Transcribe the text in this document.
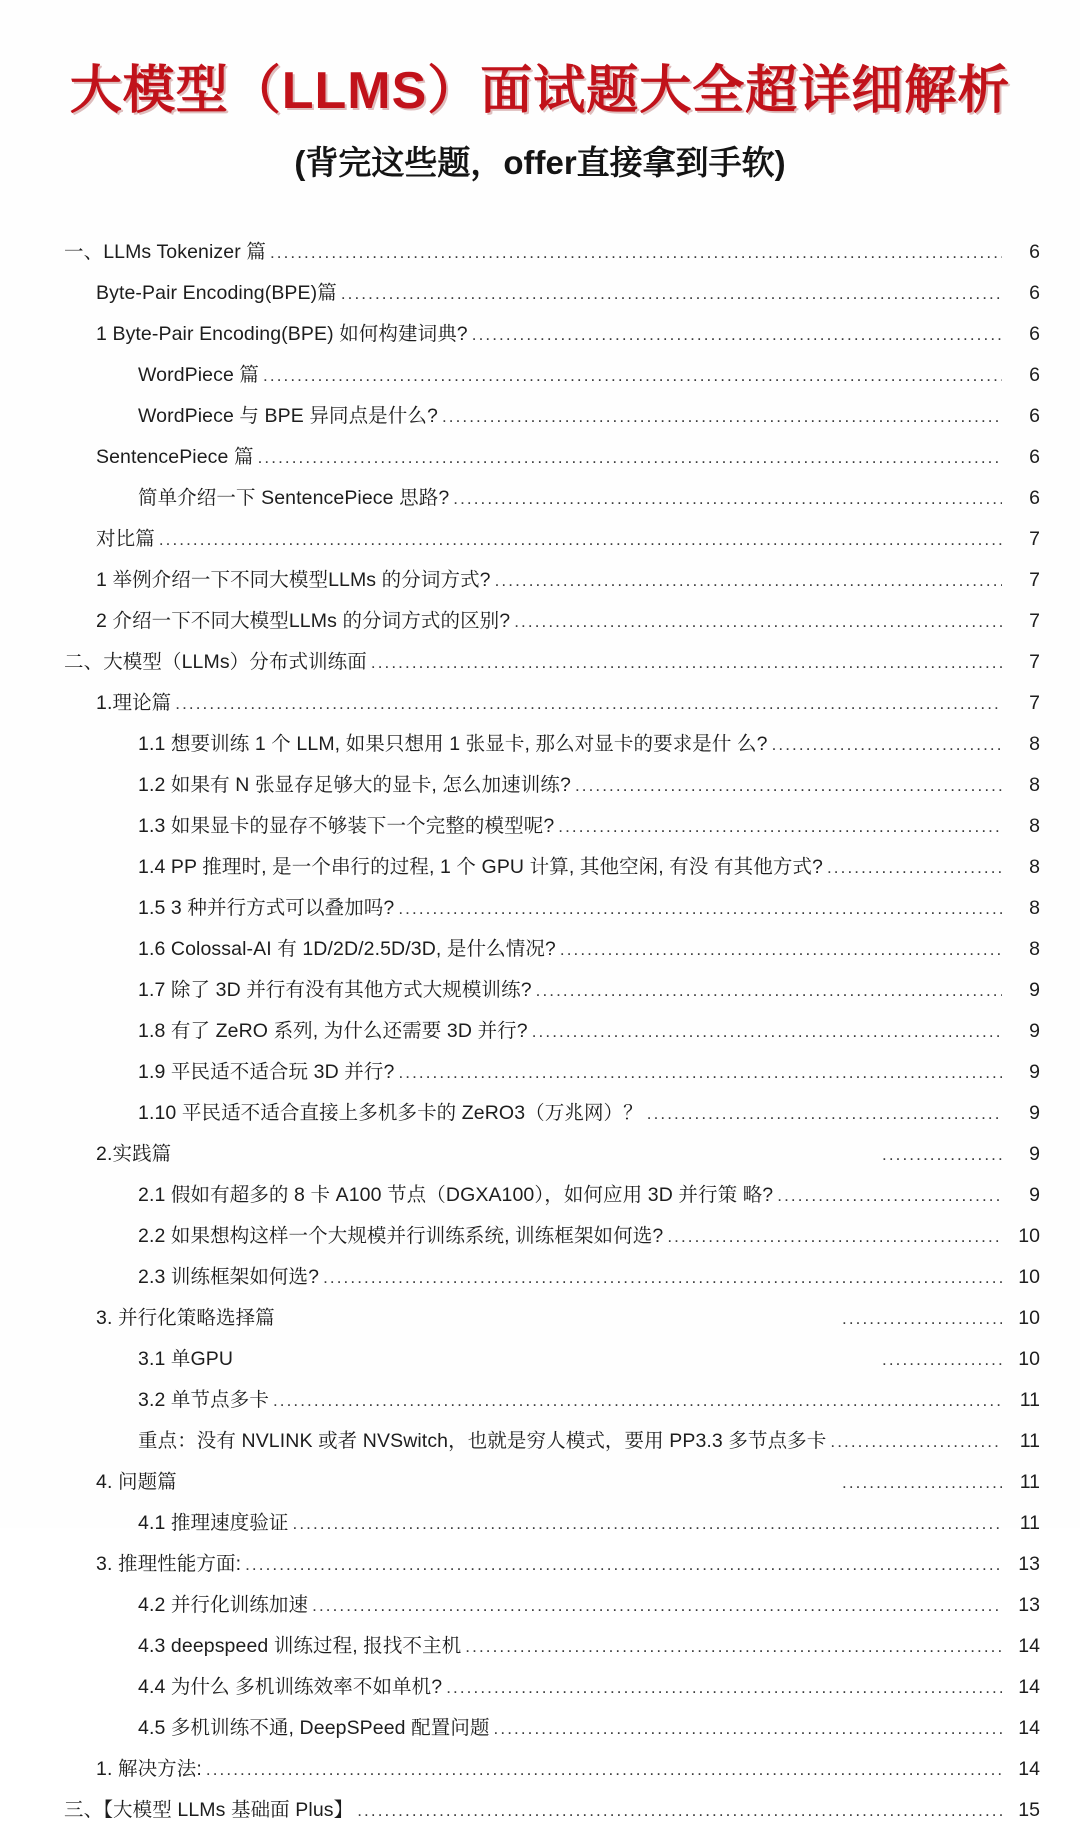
大模型（LLMS）面试题大全超详细解析
(背完这些题，offer直接拿到手软)
一、LLMs Tokenizer 篇 .....	6
Byte-Pair Encoding(BPE)篇 .....	6
1 Byte-Pair Encoding(BPE) 如何构建词典? .....	6
WordPiece 篇 .....	6
WordPiece 与 BPE 异同点是什么? .....	6
SentencePiece 篇 .....	6
简单介绍一下 SentencePiece 思路? .....	6
对比篇 .....	7
1 举例介绍一下不同大模型LLMs 的分词方式? .....	7
2 介绍一下不同大模型LLMs 的分词方式的区别? .....	7
二、大模型（LLMs）分布式训练面 .....	7
1.理论篇 .....	7
1.1 想要训练 1 个 LLM, 如果只想用 1 张显卡, 那么对显卡的要求是什 么? .....	8
1.2 如果有 N 张显存足够大的显卡, 怎么加速训练? .....	8
1.3 如果显卡的显存不够装下一个完整的模型呢? .....	8
1.4 PP 推理时, 是一个串行的过程, 1 个 GPU 计算, 其他空闲, 有没 有其他方式? .....	8
1.5 3 种并行方式可以叠加吗? .....	8
1.6 Colossal-AI 有 1D/2D/2.5D/3D, 是什么情况? .....	8
1.7 除了 3D 并行有没有其他方式大规模训练? .....	9
1.8 有了 ZeRO 系列, 为什么还需要 3D 并行? .....	9
1.9 平民适不适合玩 3D 并行? .....	9
1.10 平民适不适合直接上多机多卡的 ZeRO3（万兆网）？ .....	9
2.实践篇 .....	9
2.1 假如有超多的 8 卡 A100 节点（DGXA100），如何应用 3D 并行策 略? .....	9
2.2 如果想构这样一个大规模并行训练系统, 训练框架如何选? .....	10
2.3 训练框架如何选? .....	10
3. 并行化策略选择篇 .....	10
3.1 单GPU .....	10
3.2 单节点多卡 .....	11
重点：没有 NVLINK 或者 NVSwitch，也就是穷人模式，要用 PP3.3 多节点多卡 .....	11
4. 问题篇 .....	11
4.1 推理速度验证 .....	11
3. 推理性能方面: .....	13
4.2 并行化训练加速 .....	13
4.3 deepspeed 训练过程, 报找不主机 .....	14
4.4 为什么 多机训练效率不如单机? .....	14
4.5 多机训练不通, DeepSPeed 配置问题 .....	14
1. 解决方法: .....	14
三、【大模型 LLMs 基础面 Plus】 .....	15
